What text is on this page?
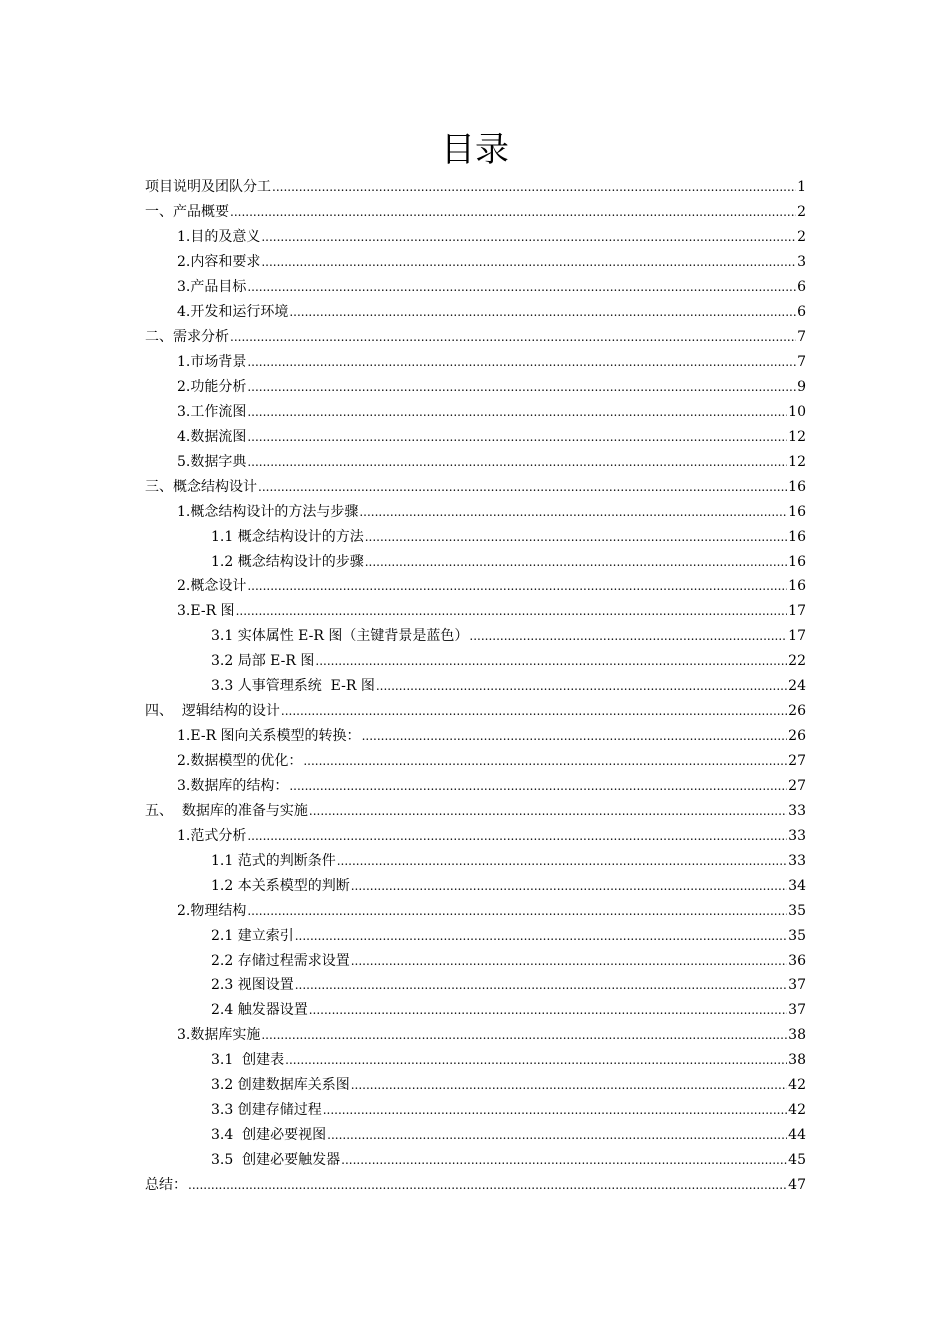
目录
项目说明及团队分工 .....	1
一、产品概要 .....	2
1.目的及意义 .....	2
2.内容和要求 .....	3
3.产品目标 .....	6
4.开发和运行环境 .....	6
二、需求分析 .....	7
1.市场背景 .....	7
2.功能分析 .....	9
3.工作流图 .....	10
4.数据流图 .....	12
5.数据字典 .....	12
三、概念结构设计 .....	16
1.概念结构设计的方法与步骤 .....	16
1.1 概念结构设计的方法 .....	16
1.2 概念结构设计的步骤 .....	16
2.概念设计 .....	16
3.E-R 图 .....	17
3.1 实体属性 E-R 图（主键背景是蓝色） .....	17
3.2 局部 E-R 图 .....	22
3.3 人事管理系统  E-R 图 .....	24
四、  逻辑结构的设计 .....	26
1.E-R 图向关系模型的转换： .....	26
2.数据模型的优化： .....	27
3.数据库的结构： .....	27
五、  数据库的准备与实施 .....	33
1.范式分析 .....	33
1.1 范式的判断条件 .....	33
1.2 本关系模型的判断 .....	34
2.物理结构 .....	35
2.1 建立索引 .....	35
2.2 存储过程需求设置 .....	36
2.3 视图设置 .....	37
2.4 触发器设置 .....	37
3.数据库实施 .....	38
3.1  创建表 .....	38
3.2 创建数据库关系图 .....	42
3.3 创建存储过程 .....	42
3.4  创建必要视图 .....	44
3.5  创建必要触发器 .....	45
总结： .....	47
